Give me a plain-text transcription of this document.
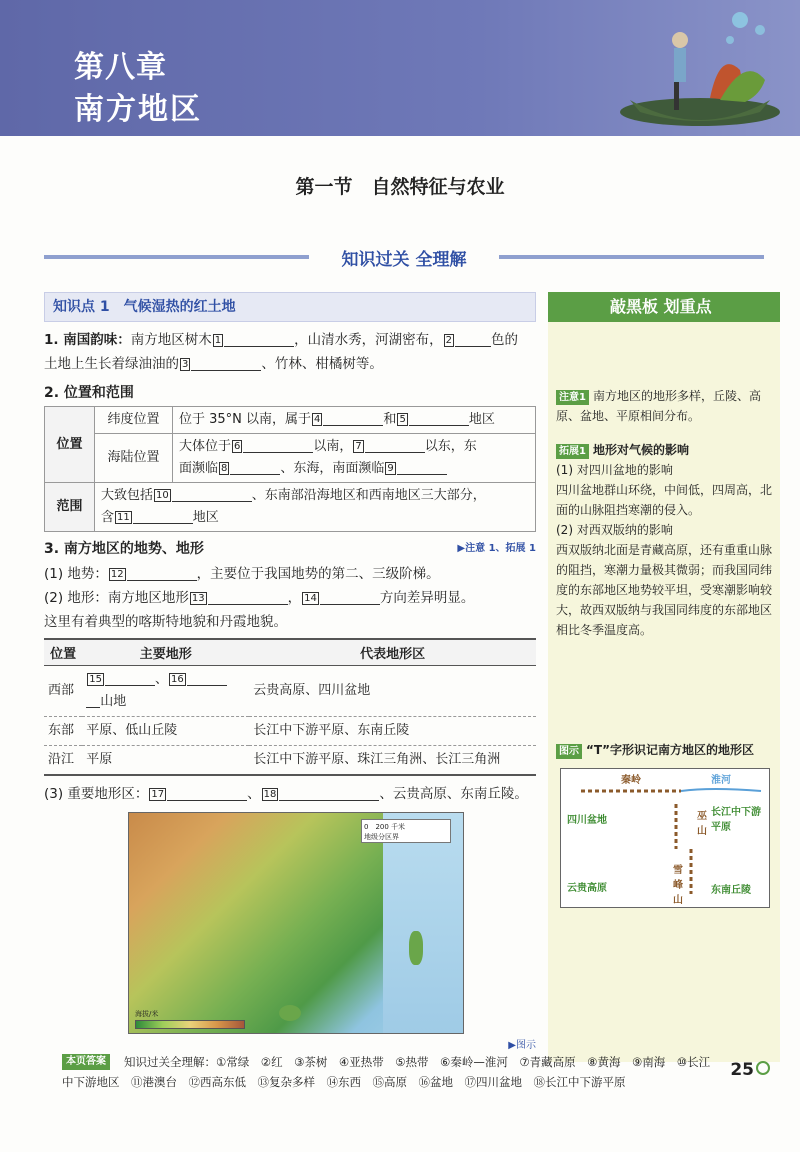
第八章
南方地区
第一节　自然特征与农业
知识过关 全理解
知识点 1　气候湿热的红土地
1. 南国韵味：南方地区树木 1	，山清水秀，河湖密布， 2	色的
土地上生长着绿油油的 3	、竹林、柑橘树等。
2. 位置和范围
位置	纬度位置	位于 35°N 以南，属于 4 和 5 地区
	海陆位置	大体位于 6 以南， 7 以东，东
面濒临 8 、东海，南面濒临 9
范围	大致包括 10 、东南部沿海地区和西南地区三大部分，
含 11 地区	
3. 南方地区的地势、地形	▶注意 1、拓展 1
(1) 地势： 12	，主要位于我国地势的第二、三级阶梯。
(2) 地形：南方地区地形 13	， 14	方向差异明显。
这里有着典型的喀斯特地貌和丹霞地貌。
位置	主要地形	代表地形区
西部	15 、 16
山地	云贵高原、四川盆地
东部	平原、低山丘陵	长江中下游平原、东南丘陵
沿江	平原	长江中下游平原、珠江三角洲、长江三角洲
(3) 重要地形区： 17	、 18	、云贵高原、东南丘陵。
0　200 千米
地级分区界
海拔/米
▶图示
敲黑板 划重点
注意1 南方地区的地形多样，丘陵、高原、盆地、平原相间分布。
拓展1 地形对气候的影响
(1) 对四川盆地的影响
四川盆地群山环绕，中间低，四周高，北面的山脉阻挡寒潮的侵入。
(2) 对西双版纳的影响
西双版纳北面是青藏高原，还有重重山脉的阻挡，寒潮力量极其微弱；而我国同纬度的东部地区地势较平坦，受寒潮影响较大，故西双版纳与我国同纬度的东部地区相比冬季温度高。
图示 “T”字形识记南方地区的地形区
秦岭	淮河
四川盆地	巫山
长江中下游平原
云贵高原
雪峰山
东南丘陵
本页答案	知识过关全理解：①常绿　②红　③茶树　④亚热带　⑤热带　⑥秦岭—淮河　⑦青藏高原　⑧黄海　⑨南海　⑩长江中下游地区　⑪港澳台　⑫西高东低　⑬复杂多样　⑭东西　⑮高原　⑯盆地　⑰四川盆地　⑱长江中下游平原
25
